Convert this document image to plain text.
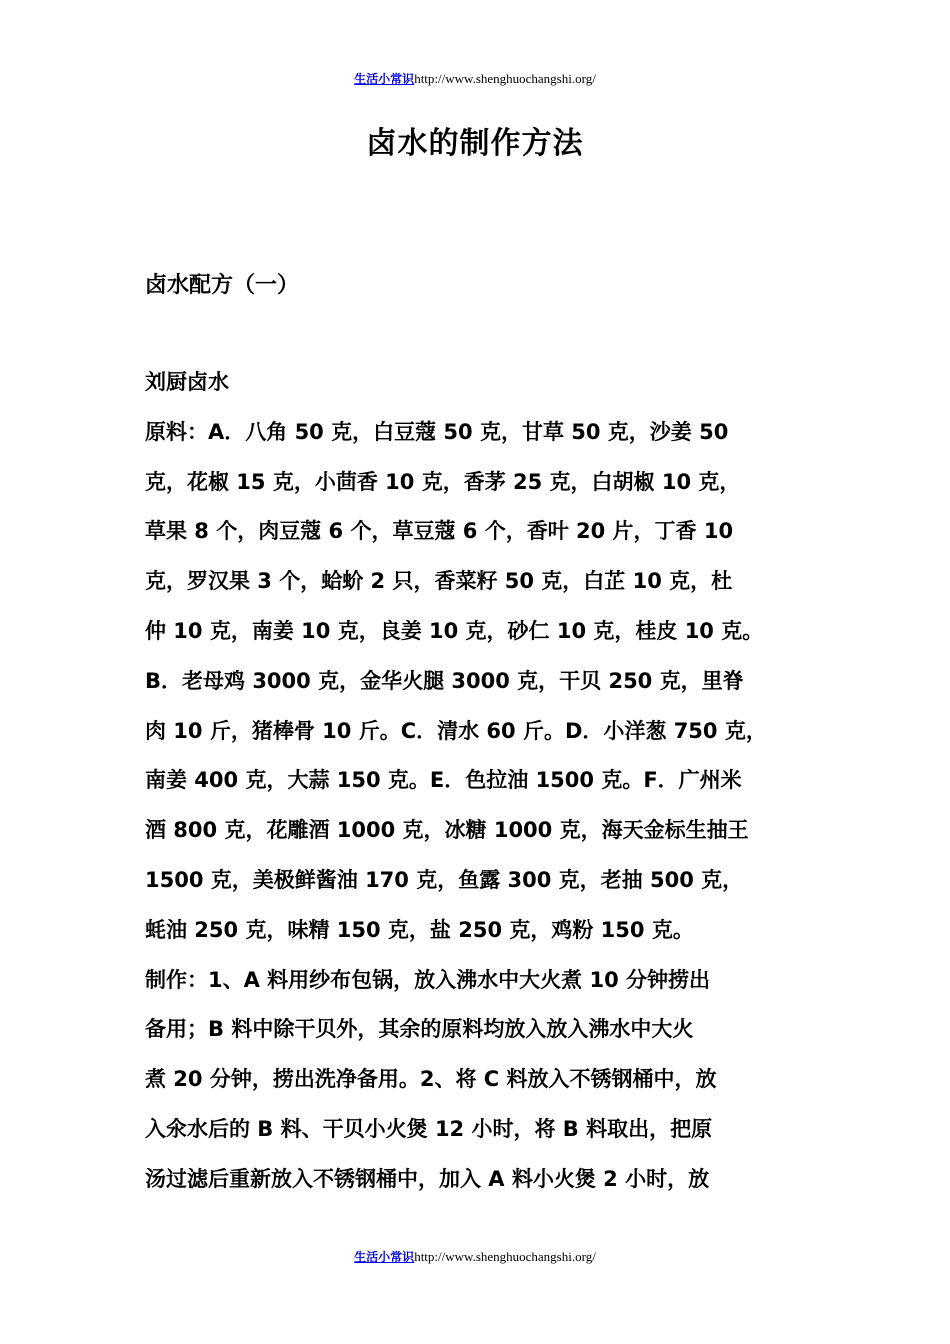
生活小常识http://www.shenghuochangshi.org/
卤水的制作方法
卤水配方（一）
刘厨卤水
原料：A．八角 50 克，白豆蔻 50 克，甘草 50 克，沙姜 50
克，花椒 15 克，小茴香 10 克，香茅 25 克，白胡椒 10 克，
草果 8 个，肉豆蔻 6 个，草豆蔻 6 个，香叶 20 片，丁香 10
克，罗汉果 3 个，蛤蚧 2 只，香菜籽 50 克，白芷 10 克，杜
仲 10 克，南姜 10 克，良姜 10 克，砂仁 10 克，桂皮 10 克。
B．老母鸡 3000 克，金华火腿 3000 克，干贝 250 克，里脊
肉 10 斤，猪棒骨 10 斤。C．清水 60 斤。D．小洋葱 750 克，
南姜 400 克，大蒜 150 克。E．色拉油 1500 克。F．广州米
酒 800 克，花雕酒 1000 克，冰糖 1000 克，海天金标生抽王
1500 克，美极鲜酱油 170 克，鱼露 300 克，老抽 500 克，
蚝油 250 克，味精 150 克，盐 250 克，鸡粉 150 克。
制作：1、A 料用纱布包锅，放入沸水中大火煮 10 分钟捞出
备用；B 料中除干贝外，其余的原料均放入放入沸水中大火
煮 20 分钟，捞出洗净备用。2、将 C 料放入不锈钢桶中，放
入氽水后的 B 料、干贝小火煲 12 小时，将 B 料取出，把原
汤过滤后重新放入不锈钢桶中，加入 A 料小火煲 2 小时，放
生活小常识http://www.shenghuochangshi.org/
